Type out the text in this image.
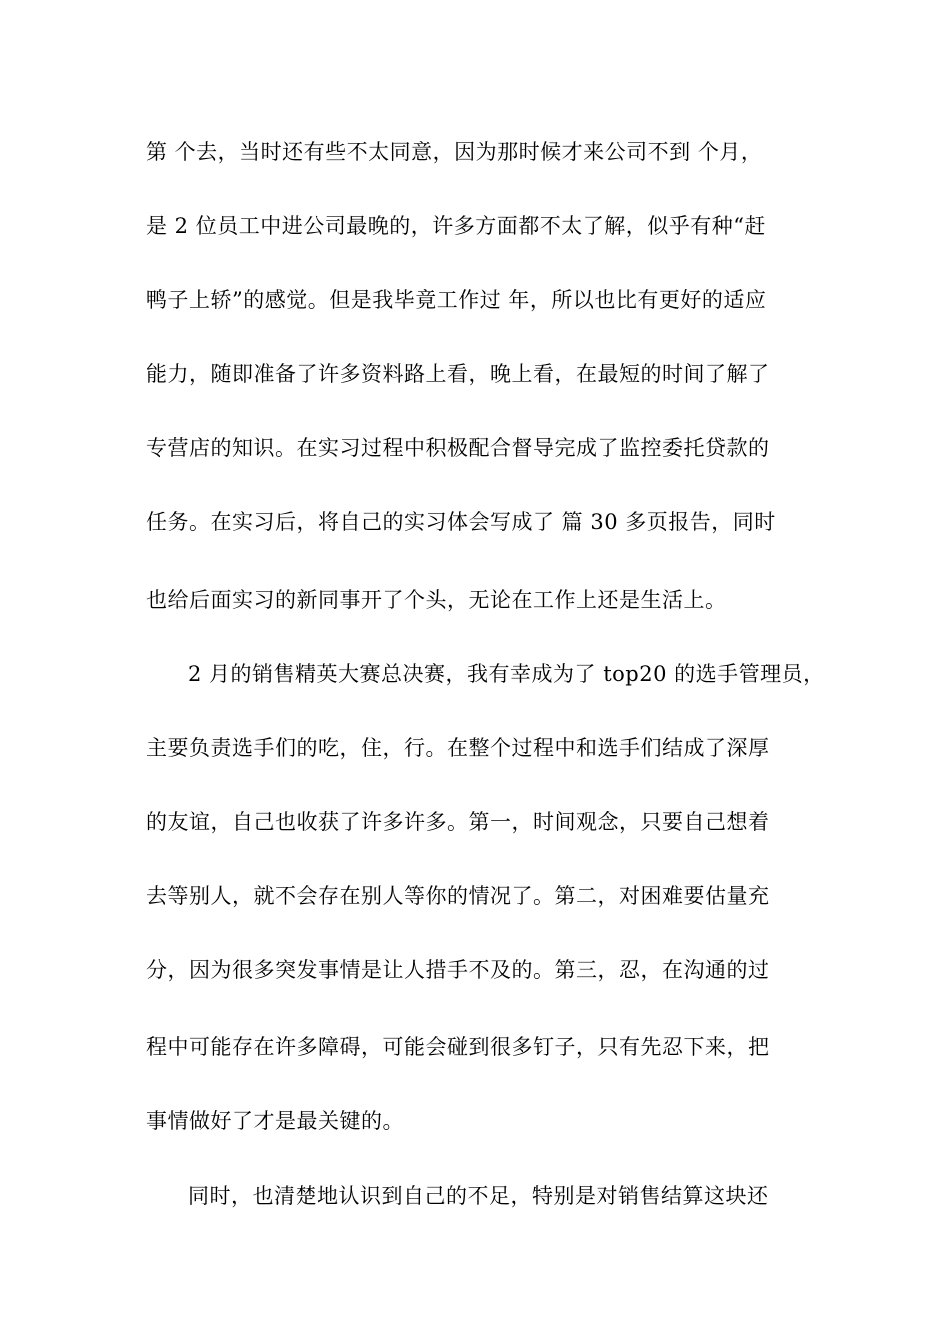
第 个去，当时还有些不太同意，因为那时候才来公司不到 个月，
是 2 位员工中进公司最晚的，许多方面都不太了解，似乎有种“赶
鸭子上轿”的感觉。但是我毕竟工作过 年，所以也比有更好的适应
能力，随即准备了许多资料路上看，晚上看，在最短的时间了解了
专营店的知识。在实习过程中积极配合督导完成了监控委托贷款的
任务。在实习后，将自己的实习体会写成了 篇 30 多页报告，同时
也给后面实习的新同事开了个头，无论在工作上还是生活上。
2 月的销售精英大赛总决赛，我有幸成为了 top20 的选手管理员，
主要负责选手们的吃，住，行。在整个过程中和选手们结成了深厚
的友谊，自己也收获了许多许多。第一，时间观念，只要自己想着
去等别人，就不会存在别人等你的情况了。第二，对困难要估量充
分，因为很多突发事情是让人措手不及的。第三，忍，在沟通的过
程中可能存在许多障碍，可能会碰到很多钉子，只有先忍下来，把
事情做好了才是最关键的。
同时，也清楚地认识到自己的不足，特别是对销售结算这块还
